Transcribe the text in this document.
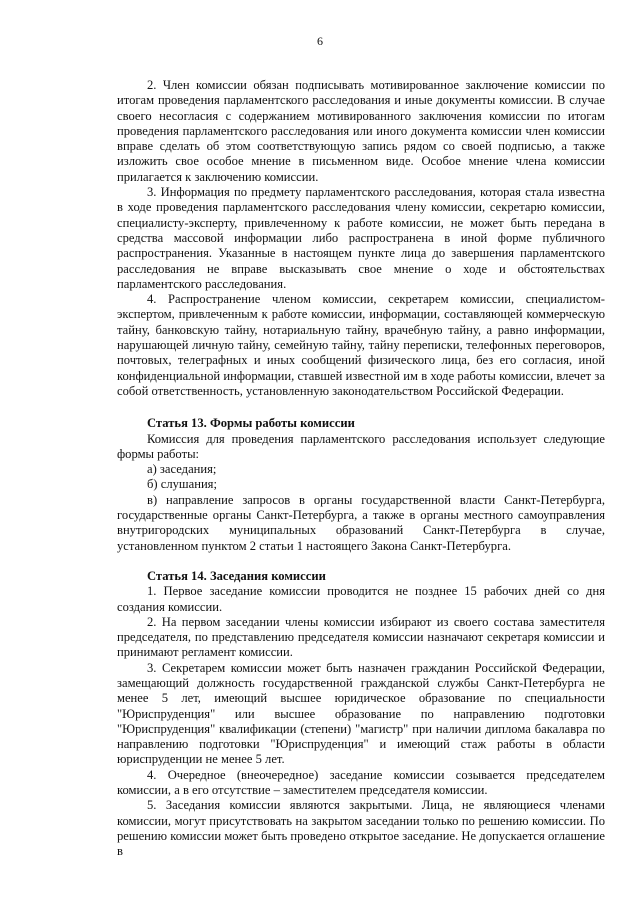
6

2. Член комиссии обязан подписывать мотивированное заключение комиссии по итогам проведения парламентского расследования и иные документы комиссии. В случае своего несогласия с содержанием мотивированного заключения комиссии по итогам проведения парламентского расследования или иного документа комиссии член комиссии вправе сделать об этом соответствующую запись рядом со своей подписью, а также изложить свое особое мнение в письменном виде. Особое мнение члена комиссии прилагается к заключению комиссии.

3. Информация по предмету парламентского расследования, которая стала известна в ходе проведения парламентского расследования члену комиссии, секретарю комиссии, специалисту-эксперту, привлеченному к работе комиссии, не может быть передана в средства массовой информации либо распространена в иной форме публичного распространения. Указанные в настоящем пункте лица до завершения парламентского расследования не вправе высказывать свое мнение о ходе и обстоятельствах парламентского расследования.

4. Распространение членом комиссии, секретарем комиссии, специалистом-экспертом, привлеченным к работе комиссии, информации, составляющей коммерческую тайну, банковскую тайну, нотариальную тайну, врачебную тайну, а равно информации, нарушающей личную тайну, семейную тайну, тайну переписки, телефонных переговоров, почтовых, телеграфных и иных сообщений физического лица, без его согласия, иной конфиденциальной информации, ставшей известной им в ходе работы комиссии, влечет за собой ответственность, установленную законодательством Российской Федерации.

Статья 13. Формы работы комиссии

Комиссия для проведения парламентского расследования использует следующие формы работы:

а) заседания;

б) слушания;

в) направление запросов в органы государственной власти Санкт-Петербурга, государственные органы Санкт-Петербурга, а также в органы местного самоуправления внутригородских муниципальных образований Санкт-Петербурга в случае, установленном пунктом 2 статьи 1 настоящего Закона Санкт-Петербурга.

Статья 14. Заседания комиссии

1. Первое заседание комиссии проводится не позднее 15 рабочих дней со дня создания комиссии.

2. На первом заседании члены комиссии избирают из своего состава заместителя председателя, по представлению председателя комиссии назначают секретаря комиссии и принимают регламент комиссии.

3. Секретарем комиссии может быть назначен гражданин Российской Федерации, замещающий должность государственной гражданской службы Санкт-Петербурга не менее 5 лет, имеющий высшее юридическое образование по специальности "Юриспруденция" или высшее образование по направлению подготовки "Юриспруденция" квалификации (степени) "магистр" при наличии диплома бакалавра по направлению подготовки "Юриспруденция" и имеющий стаж работы в области юриспруденции не менее 5 лет.

4. Очередное (внеочередное) заседание комиссии созывается председателем комиссии, а в его отсутствие – заместителем председателя комиссии.

5. Заседания комиссии являются закрытыми. Лица, не являющиеся членами комиссии, могут присутствовать на закрытом заседании только по решению комиссии. По решению комиссии может быть проведено открытое заседание. Не допускается оглашение в
